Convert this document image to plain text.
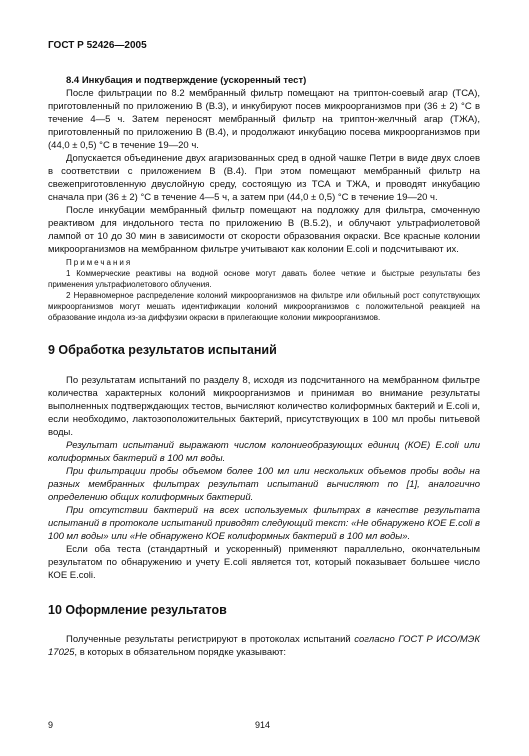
ГОСТ Р 52426—2005

8.4 Инкубация и подтверждение (ускоренный тест)

После фильтрации по 8.2 мембранный фильтр помещают на триптон-соевый агар (ТСА), приготовленный по приложению В (В.3), и инкубируют посев микроорганизмов при (36 ± 2) °С в течение 4—5 ч. Затем переносят мембранный фильтр на триптон-желчный агар (ТЖА), приготовленный по приложению В (В.4), и продолжают инкубацию посева микроорганизмов при (44,0 ± 0,5) °С в течение 19—20 ч.

Допускается объединение двух агаризованных сред в одной чашке Петри в виде двух слоев в соответствии с приложением В (В.4). При этом помещают мембранный фильтр на свежеприготовленную двуслойную среду, состоящую из ТСА и ТЖА, и проводят инкубацию сначала при (36 ± 2) °С в течение 4—5 ч, а затем при (44,0 ± 0,5) °С в течение 19—20 ч.

После инкубации мембранный фильтр помещают на подложку для фильтра, смоченную реактивом для индольного теста по приложению В (В.5.2), и облучают ультрафиолетовой лампой от 10 до 30 мин в зависимости от скорости образования окраски. Все красные колонии микроорганизмов на мембранном фильтре учитывают как колонии E.coli и подсчитывают их.

Примечания

1 Коммерческие реактивы на водной основе могут давать более четкие и быстрые результаты без применения ультрафиолетового облучения.

2 Неравномерное распределение колоний микроорганизмов на фильтре или обильный рост сопутствующих микроорганизмов могут мешать идентификации колоний микроорганизмов с положительной реакцией на образование индола из-за диффузии окраски в прилегающие колонии микроорганизмов.

9 Обработка результатов испытаний

По результатам испытаний по разделу 8, исходя из подсчитанного на мембранном фильтре количества характерных колоний микроорганизмов и принимая во внимание результаты выполненных подтверждающих тестов, вычисляют количество колиформных бактерий и E.coli и, если необходимо, лактозоположительных бактерий, присутствующих в 100 мл пробы питьевой воды.

Результат испытаний выражают числом колониеобразующих единиц (КОЕ) E.coli или колиформных бактерий в 100 мл воды.

При фильтрации пробы объемом более 100 мл или нескольких объемов пробы воды на разных мембранных фильтрах результат испытаний вычисляют по [1], аналогично определению общих колиформных бактерий.

При отсутствии бактерий на всех используемых фильтрах в качестве результата испытаний в протоколе испытаний приводят следующий текст: «Не обнаружено КОЕ E.coli в 100 мл воды» или «Не обнаружено КОЕ колиформных бактерий в 100 мл воды».

Если оба теста (стандартный и ускоренный) применяют параллельно, окончательным результатом по обнаружению и учету E.coli является тот, который показывает большее число КОЕ E.coli.

10 Оформление результатов

Полученные результаты регистрируют в протоколах испытаний согласно ГОСТ Р ИСО/МЭК 17025, в которых в обязательном порядке указывают:

9	914
